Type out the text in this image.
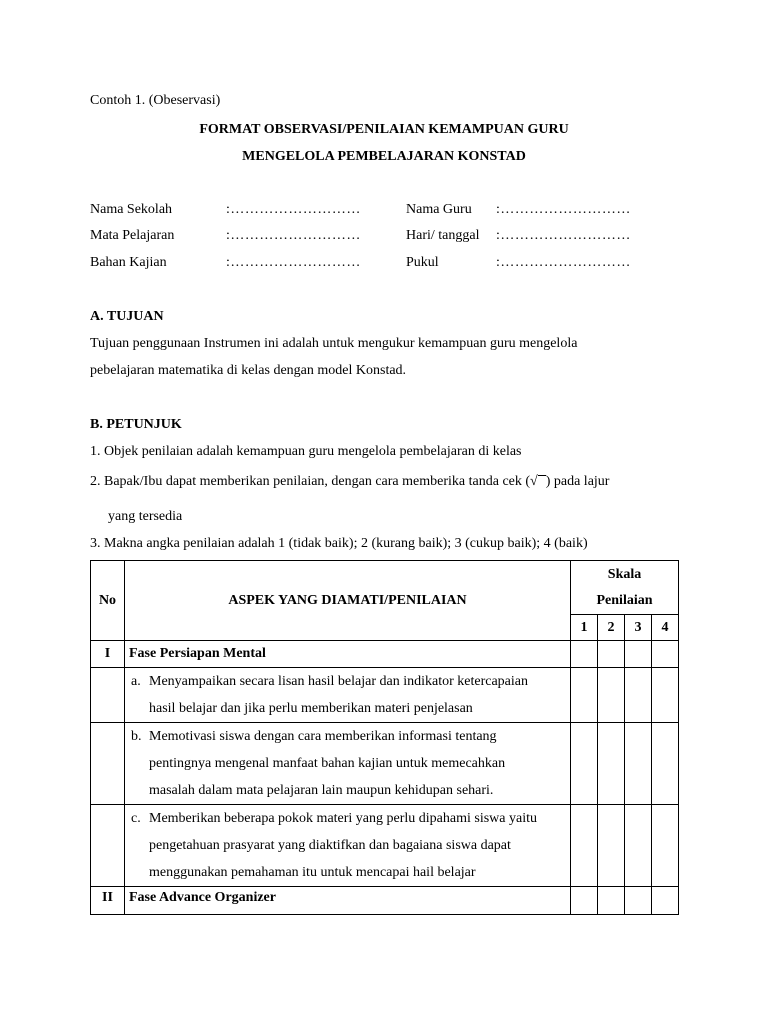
Contoh 1. (Obeservasi)
FORMAT OBSERVASI/PENILAIAN KEMAMPUAN GURU
MENGELOLA PEMBELAJARAN KONSTAD
Nama Sekolah	:………………………	Nama Guru :………………………
Mata Pelajaran	:………………………	Hari/ tanggal :………………………
Bahan Kajian	:………………………	Pukul	:………………………
A. TUJUAN
Tujuan penggunaan Instrumen ini adalah untuk mengukur kemampuan guru mengelola
pebelajaran matematika di kelas dengan model Konstad.
B. PETUNJUK
1. Objek penilaian adalah kemampuan guru mengelola pembelajaran di kelas
2. Bapak/Ibu dapat memberikan penilaian, dengan cara memberika tanda cek (√ ) pada lajur
yang tersedia
3. Makna angka penilaian adalah 1 (tidak baik); 2 (kurang baik); 3 (cukup baik); 4 (baik)
No	ASPEK YANG DIAMATI/PENILAIAN	Skala			
		Penilaian			
		1	2	3	4
I	Fase Persiapan Mental				

	a. Menyampaikan secara lisan hasil belajar dan indikator ketercapaian
hasil belajar dan jika perlu memberikan materi penjelasan				

	b. Memotivasi siswa dengan cara memberikan informasi tentang
pentingnya mengenal manfaat bahan kajian untuk memecahkan
masalah dalam mata pelajaran lain maupun kehidupan sehari.				

	c. Memberikan beberapa pokok materi yang perlu dipahami siswa yaitu
pengetahuan prasyarat yang diaktifkan dan bagaiana siswa dapat
menggunakan pemahaman itu untuk mencapai hail belajar				

II	Fase Advance Organizer				
